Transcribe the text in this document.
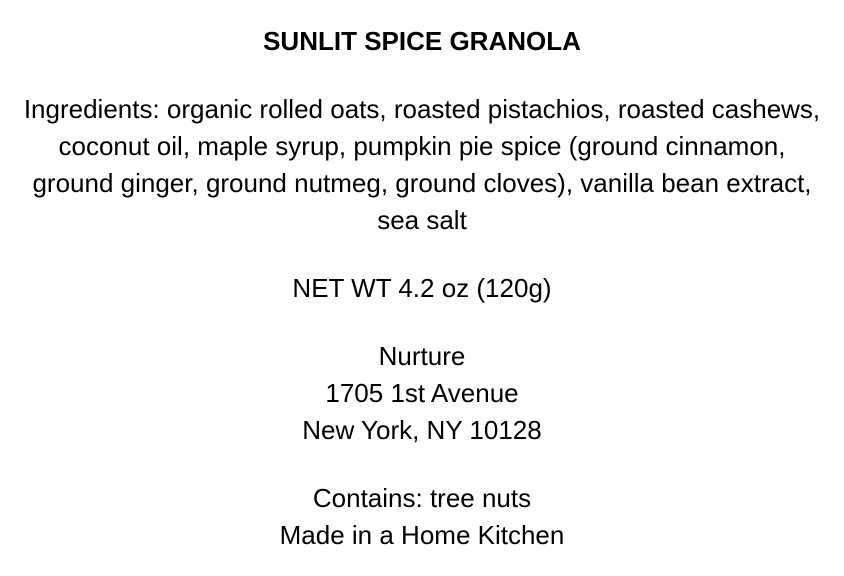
SUNLIT SPICE GRANOLA

Ingredients: organic rolled oats, roasted pistachios, roasted cashews, coconut oil, maple syrup, pumpkin pie spice (ground cinnamon, ground ginger, ground nutmeg, ground cloves), vanilla bean extract, sea salt

NET WT 4.2 oz (120g)

Nurture
1705 1st Avenue
New York, NY 10128
Contains: tree nuts
Made in a Home Kitchen
